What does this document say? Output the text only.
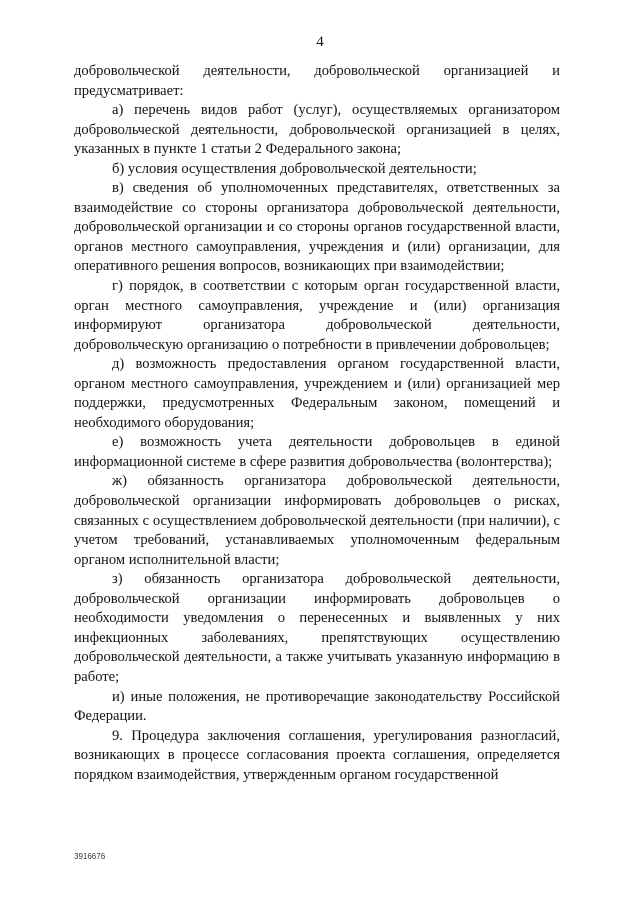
4

добровольческой деятельности, добровольческой организацией и предусматривает:

а) перечень видов работ (услуг), осуществляемых организатором добровольческой деятельности, добровольческой организацией в целях, указанных в пункте 1 статьи 2 Федерального закона;

б) условия осуществления добровольческой деятельности;

в) сведения об уполномоченных представителях, ответственных за взаимодействие со стороны организатора добровольческой деятельности, добровольческой организации и со стороны органов государственной власти, органов местного самоуправления, учреждения и (или) организации, для оперативного решения вопросов, возникающих при взаимодействии;

г) порядок, в соответствии с которым орган государственной власти, орган местного самоуправления, учреждение и (или) организация информируют организатора добровольческой деятельности, добровольческую организацию о потребности в привлечении добровольцев;

д) возможность предоставления органом государственной власти, органом местного самоуправления, учреждением и (или) организацией мер поддержки, предусмотренных Федеральным законом, помещений и необходимого оборудования;

е) возможность учета деятельности добровольцев в единой информационной системе в сфере развития добровольчества (волонтерства);

ж) обязанность организатора добровольческой деятельности, добровольческой организации информировать добровольцев о рисках, связанных с осуществлением добровольческой деятельности (при наличии), с учетом требований, устанавливаемых уполномоченным федеральным органом исполнительной власти;

з) обязанность организатора добровольческой деятельности, добровольческой организации информировать добровольцев о необходимости уведомления о перенесенных и выявленных у них инфекционных заболеваниях, препятствующих осуществлению добровольческой деятельности, а также учитывать указанную информацию в работе;

и) иные положения, не противоречащие законодательству Российской Федерации.

9. Процедура заключения соглашения, урегулирования разногласий, возникающих в процессе согласования проекта соглашения, определяется порядком взаимодействия, утвержденным органом государственной

3916676
